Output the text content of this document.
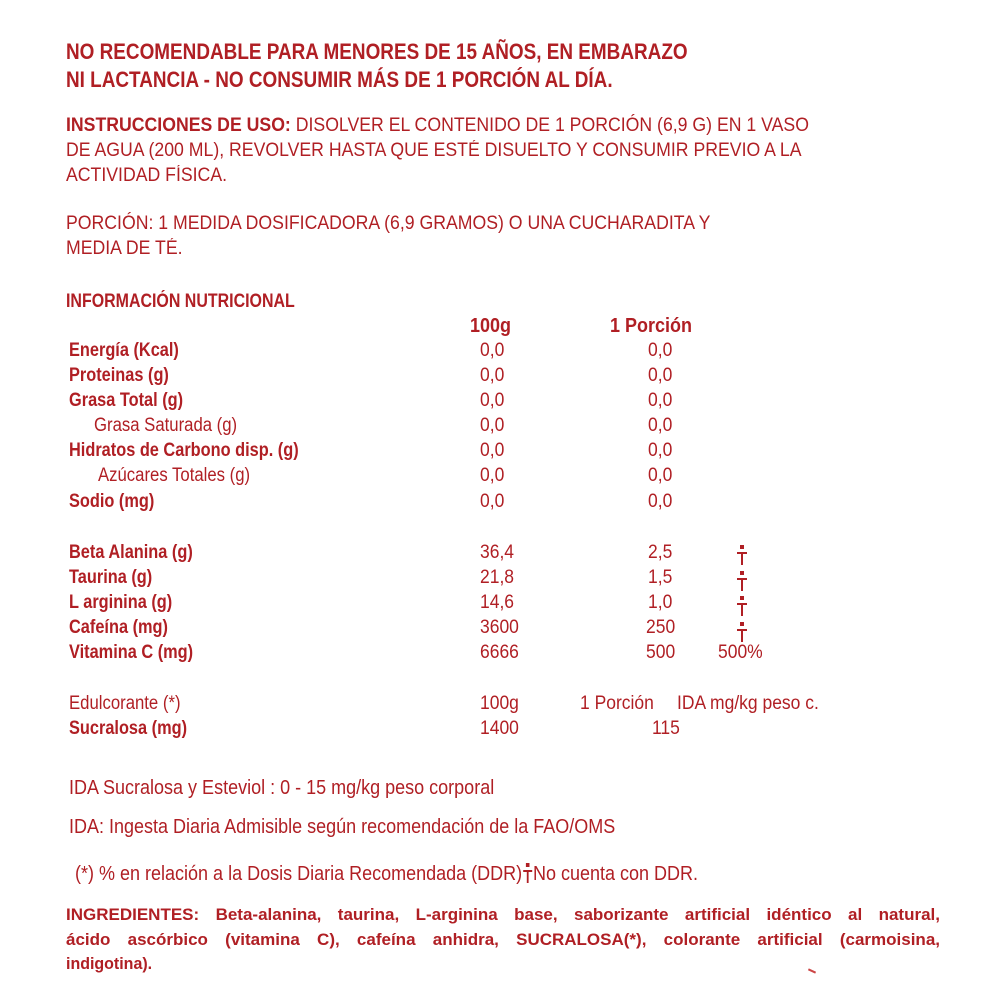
NO RECOMENDABLE PARA MENORES DE 15 AÑOS, EN EMBARAZO
NI LACTANCIA - NO CONSUMIR MÁS DE 1 PORCIÓN AL DÍA.
INSTRUCCIONES DE USO: DISOLVER EL CONTENIDO DE 1 PORCIÓN (6,9 G) EN 1 VASO
DE AGUA (200 ML), REVOLVER HASTA QUE ESTÉ DISUELTO Y CONSUMIR PREVIO A LA
ACTIVIDAD FÍSICA.
PORCIÓN: 1 MEDIDA DOSIFICADORA (6,9 GRAMOS) O UNA CUCHARADITA Y
MEDIA DE TÉ.
INFORMACIÓN NUTRICIONAL
100g	1 Porción
Energía (Kcal)	0,0	0,0
Proteinas (g)	0,0	0,0
Grasa Total (g)	0,0	0,0
Grasa Saturada (g)	0,0	0,0
Hidratos de Carbono disp. (g)	0,0	0,0
Azúcares Totales (g)	0,0	0,0
Sodio (mg)	0,0	0,0
Beta Alanina (g)	36,4	2,5
Taurina (g)	21,8	1,5
L arginina (g)	14,6	1,0
Cafeína (mg)	3600	250
Vitamina C (mg)	6666	500 500%
Edulcorante (*)	100g	1 Porción IDA mg/kg peso c.
Sucralosa (mg)	1400	115
IDA Sucralosa y Esteviol : 0 - 15 mg/kg peso corporal
IDA: Ingesta Diaria Admisible según recomendación de la FAO/OMS
(*) % en relación a la Dosis Diaria Recomendada (DDR) No cuenta con DDR.
INGREDIENTES: Beta-alanina, taurina, L-arginina base, saborizante artificial idéntico al natural,
ácido ascórbico (vitamina C), cafeína anhidra, SUCRALOSA(*), colorante artificial (carmoisina,
indigotina).
